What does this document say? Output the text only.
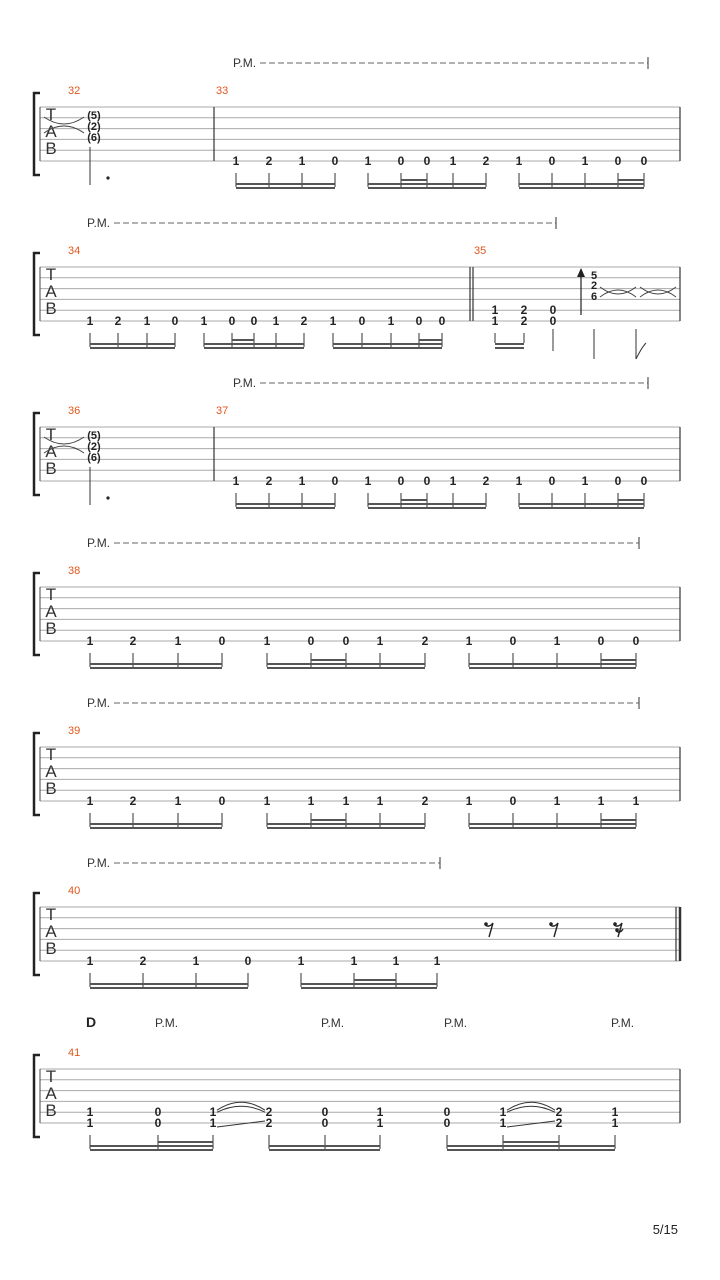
T
A
B
32	33
P.M.
(5)
(2)
(6)
1 2 1 0 1 0 0 1 2 1 0 1 0 0
T
A
B
34	35
P.M.
1 2 1 0 1 0 0 1 2 1 0 1 0 0
1
1
2
2
0
0
5
2
6
T
A
B
36	37
P.M.
(5)
(2)
(6)
1 2 1 0 1 0 0 1 2 1 0 1 0 0
T
A
B
38
P.M.
1	2	1	0	1	0 0 1	2	1	0	1	0 0
T
A
B
39
P.M.
1	2	1	0	1	1 1 1	2	1	0	1	1 1
T
A
B
40
P.M.
1	2	1	0	1	1	1	1
T
A
B
41
D	P.M.	P.M.	P.M.	P.M.
1
1
0
0
1
1
2
2
0
0
1
1
0
0
1
1
2
2
1
1
5/15
